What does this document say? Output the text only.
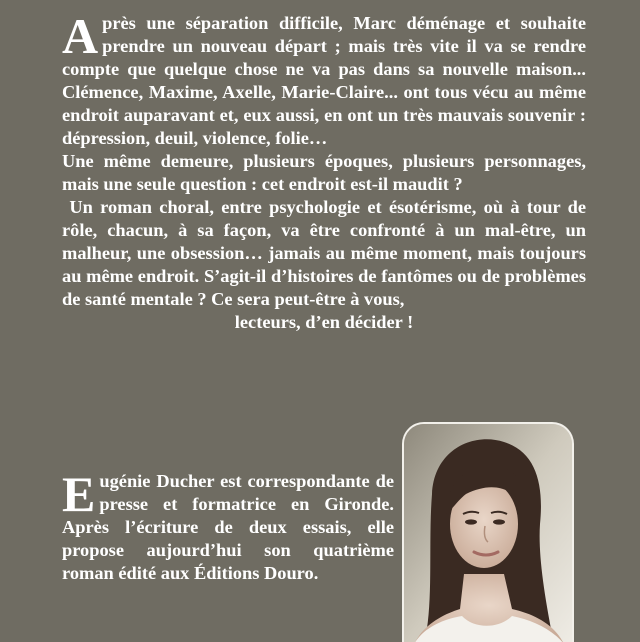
Après une séparation difficile, Marc déménage et souhaite prendre un nouveau départ ; mais très vite il va se rendre compte que quelque chose ne va pas dans sa nouvelle maison... Clémence, Maxime, Axelle, Marie-Claire... ont tous vécu au même endroit auparavant et, eux aussi, en ont un très mauvais souvenir : dépression, deuil, violence, folie…

Une même demeure, plusieurs époques, plusieurs personnages, mais une seule question : cet endroit est-il maudit ?

Un roman choral, entre psychologie et ésotérisme, où à tour de rôle, chacun, à sa façon, va être confronté à un mal-être, un malheur, une obsession… jamais au même moment, mais toujours au même endroit. S’agit-il d’histoires de fantômes ou de problèmes de santé mentale ? Ce sera peut-être à vous,

lecteurs, d’en décider !

Eugénie Ducher est correspondante de presse et formatrice en Gironde. Après l’écriture de deux essais, elle propose aujourd’hui son quatrième roman édité aux Éditions Douro.
